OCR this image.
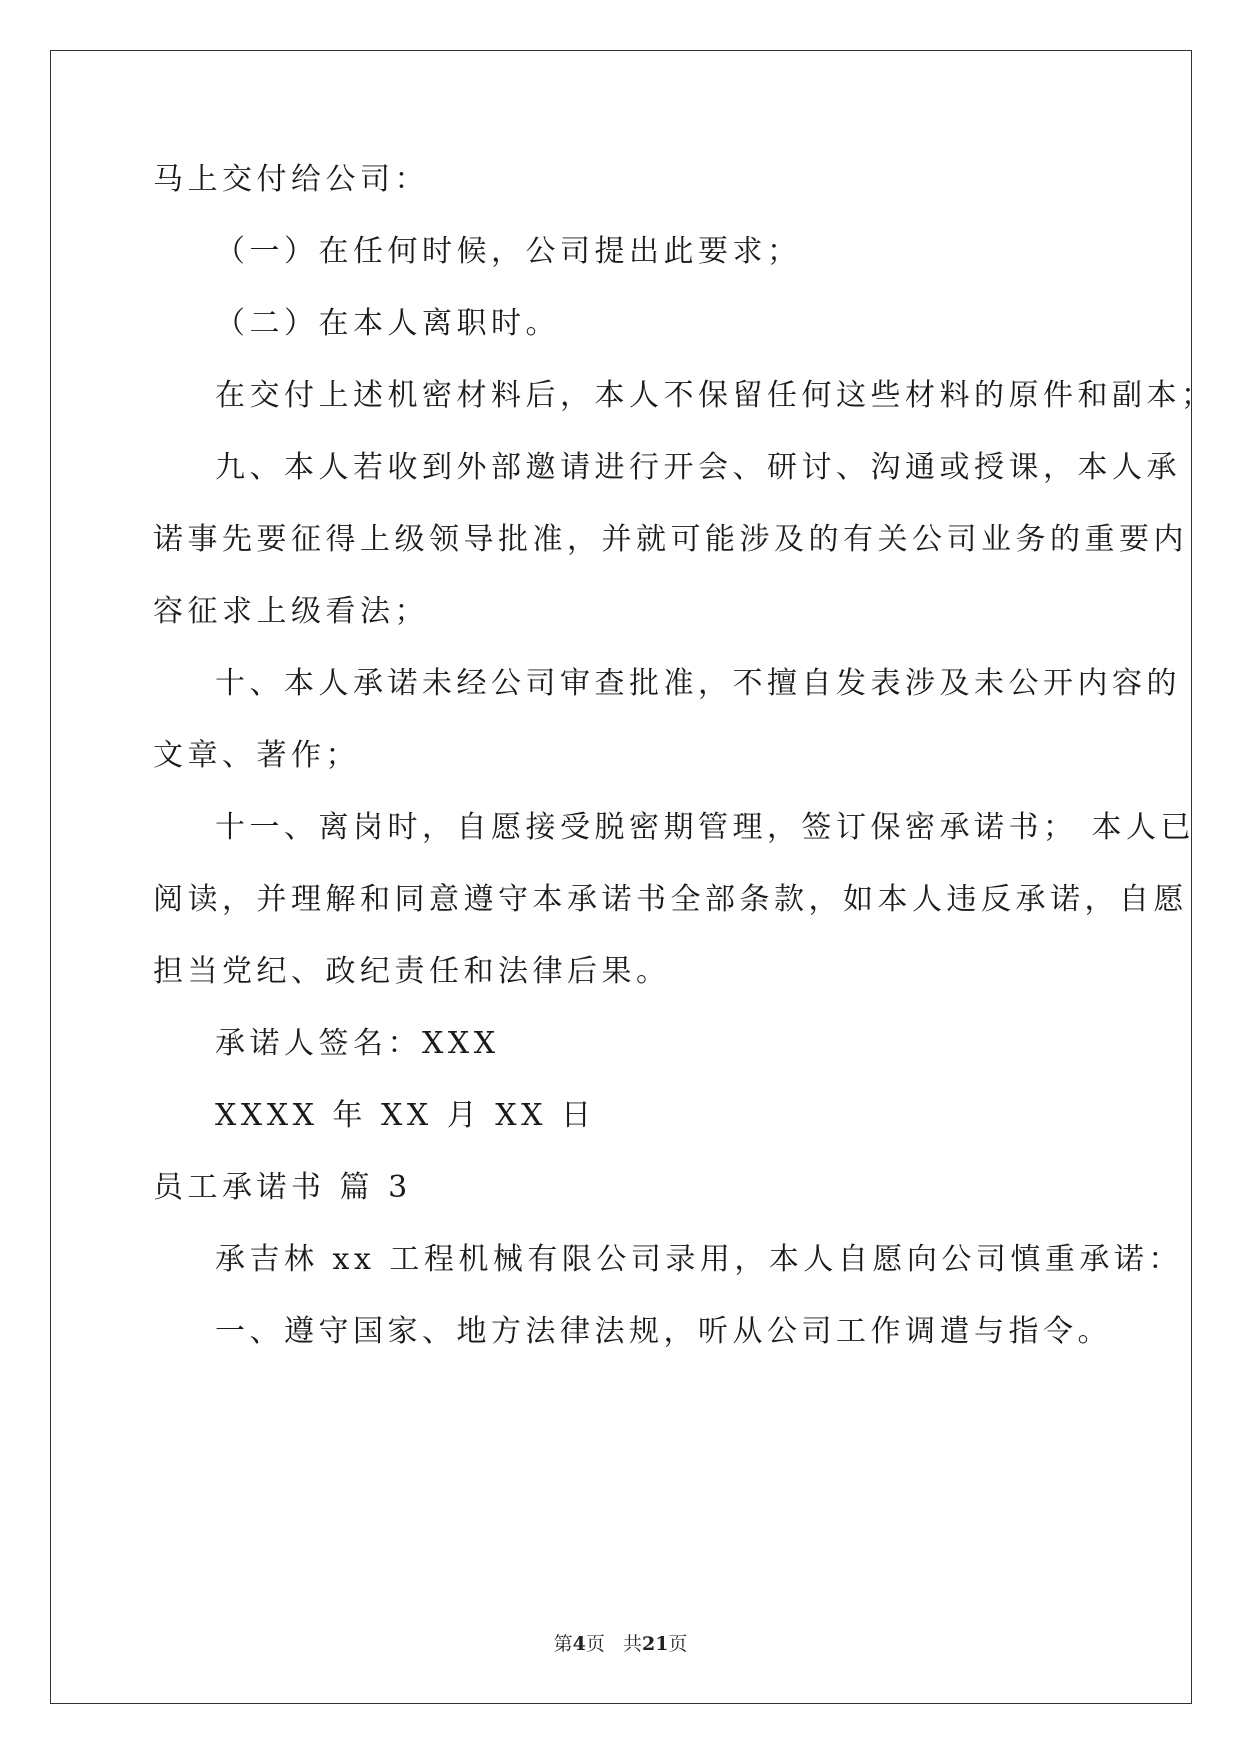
马上交付给公司：
（一）在任何时候，公司提出此要求；
（二）在本人离职时。
在交付上述机密材料后，本人不保留任何这些材料的原件和副本；
九、本人若收到外部邀请进行开会、研讨、沟通或授课，本人承
诺事先要征得上级领导批准，并就可能涉及的有关公司业务的重要内
容征求上级看法；
十、本人承诺未经公司审查批准，不擅自发表涉及未公开内容的
文章、著作；
十一、离岗时，自愿接受脱密期管理，签订保密承诺书； 本人已
阅读，并理解和同意遵守本承诺书全部条款，如本人违反承诺，自愿
担当党纪、政纪责任和法律后果。
承诺人签名：XXX
XXXX 年 XX 月 XX 日
员工承诺书 篇 3
承吉林 xx 工程机械有限公司录用，本人自愿向公司慎重承诺：
一、遵守国家、地方法律法规，听从公司工作调遣与指令。
第4页 共21页
